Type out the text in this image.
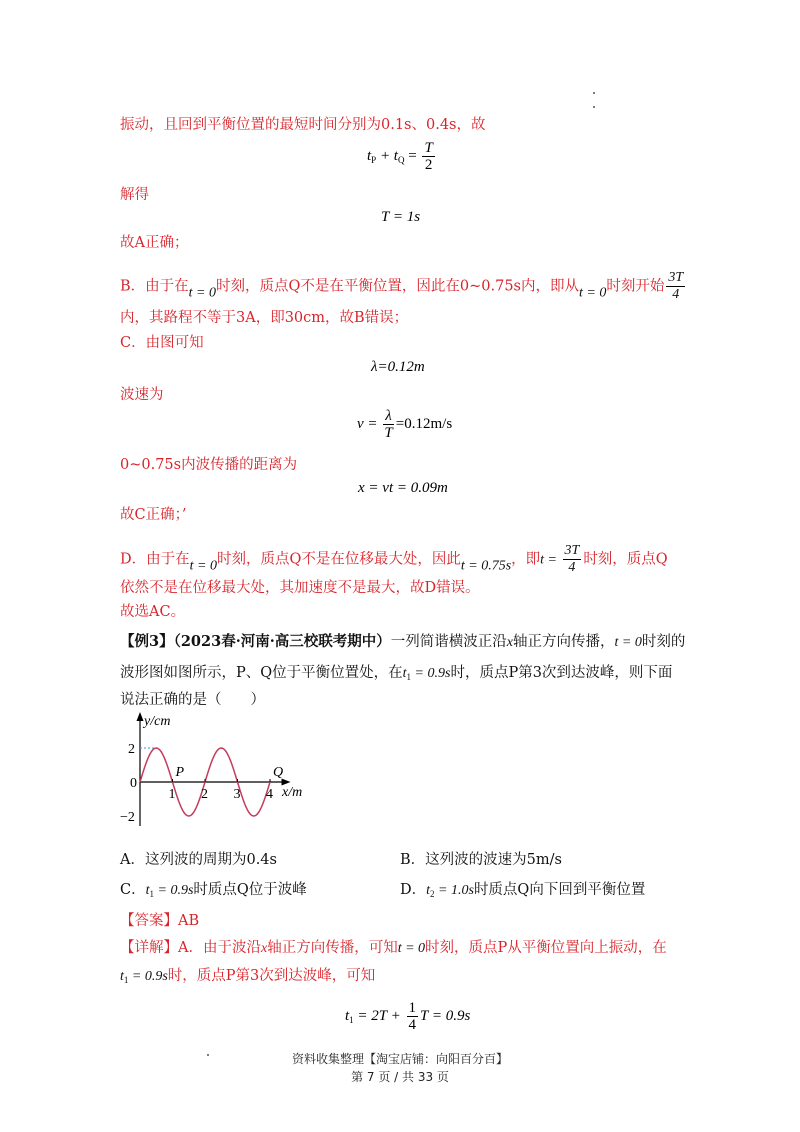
振动，且回到平衡位置的最短时间分别为0.1s、0.4s，故
$t_P + t_Q = \frac{T}{2}$
解得
T = 1s
故A正确；
B．由于在t = 0时刻，质点Q不是在平衡位置，因此在0~0.75s内，即从t = 0时刻开始 $\frac{3T}{4}$
内，其路程不等于3A，即30cm，故B错误；
C．由图可知
λ=0.12m
波速为
$v = \frac{\lambda}{T} =0.12m/s$
0~0.75s内波传播的距离为
x = vt = 0.09m
故C正确；’
D．由于在t = 0时刻，质点Q不是在位移最大处，因此t = 0.75s，即$t = \frac{3T}{4}$ 时刻，质点Q
依然不是在位移最大处，其加速度不是最大，故D错误。
故选AC。
【例3】（2023春·河南·高三校联考期中）一列简谐横波正沿x轴正方向传播，t = 0时刻的
波形图如图所示，P、Q位于平衡位置处，在$t_1 = 0.9s$时，质点P第3次到达波峰，则下面
说法正确的是（　　）
0
1 2 3 4
2
−2
y/cm
x/m
P	Q
A．这列波的周期为0.4s	B．这列波的波速为5m/s
C．$t_1 = 0.9s$时质点Q位于波峰	D．$t_2 = 1.0s$时质点Q向下回到平衡位置
【答案】AB
【详解】A．由于波沿x轴正方向传播，可知t = 0时刻，质点P从平衡位置向上振动，在
$t_1 = 0.9s$时，质点P第3次到达波峰，可知
$t_1 = 2T + \frac{1}{4}$ T = 0.9s
资料收集整理【淘宝店铺：向阳百分百】
第 7 页 / 共 33 页
